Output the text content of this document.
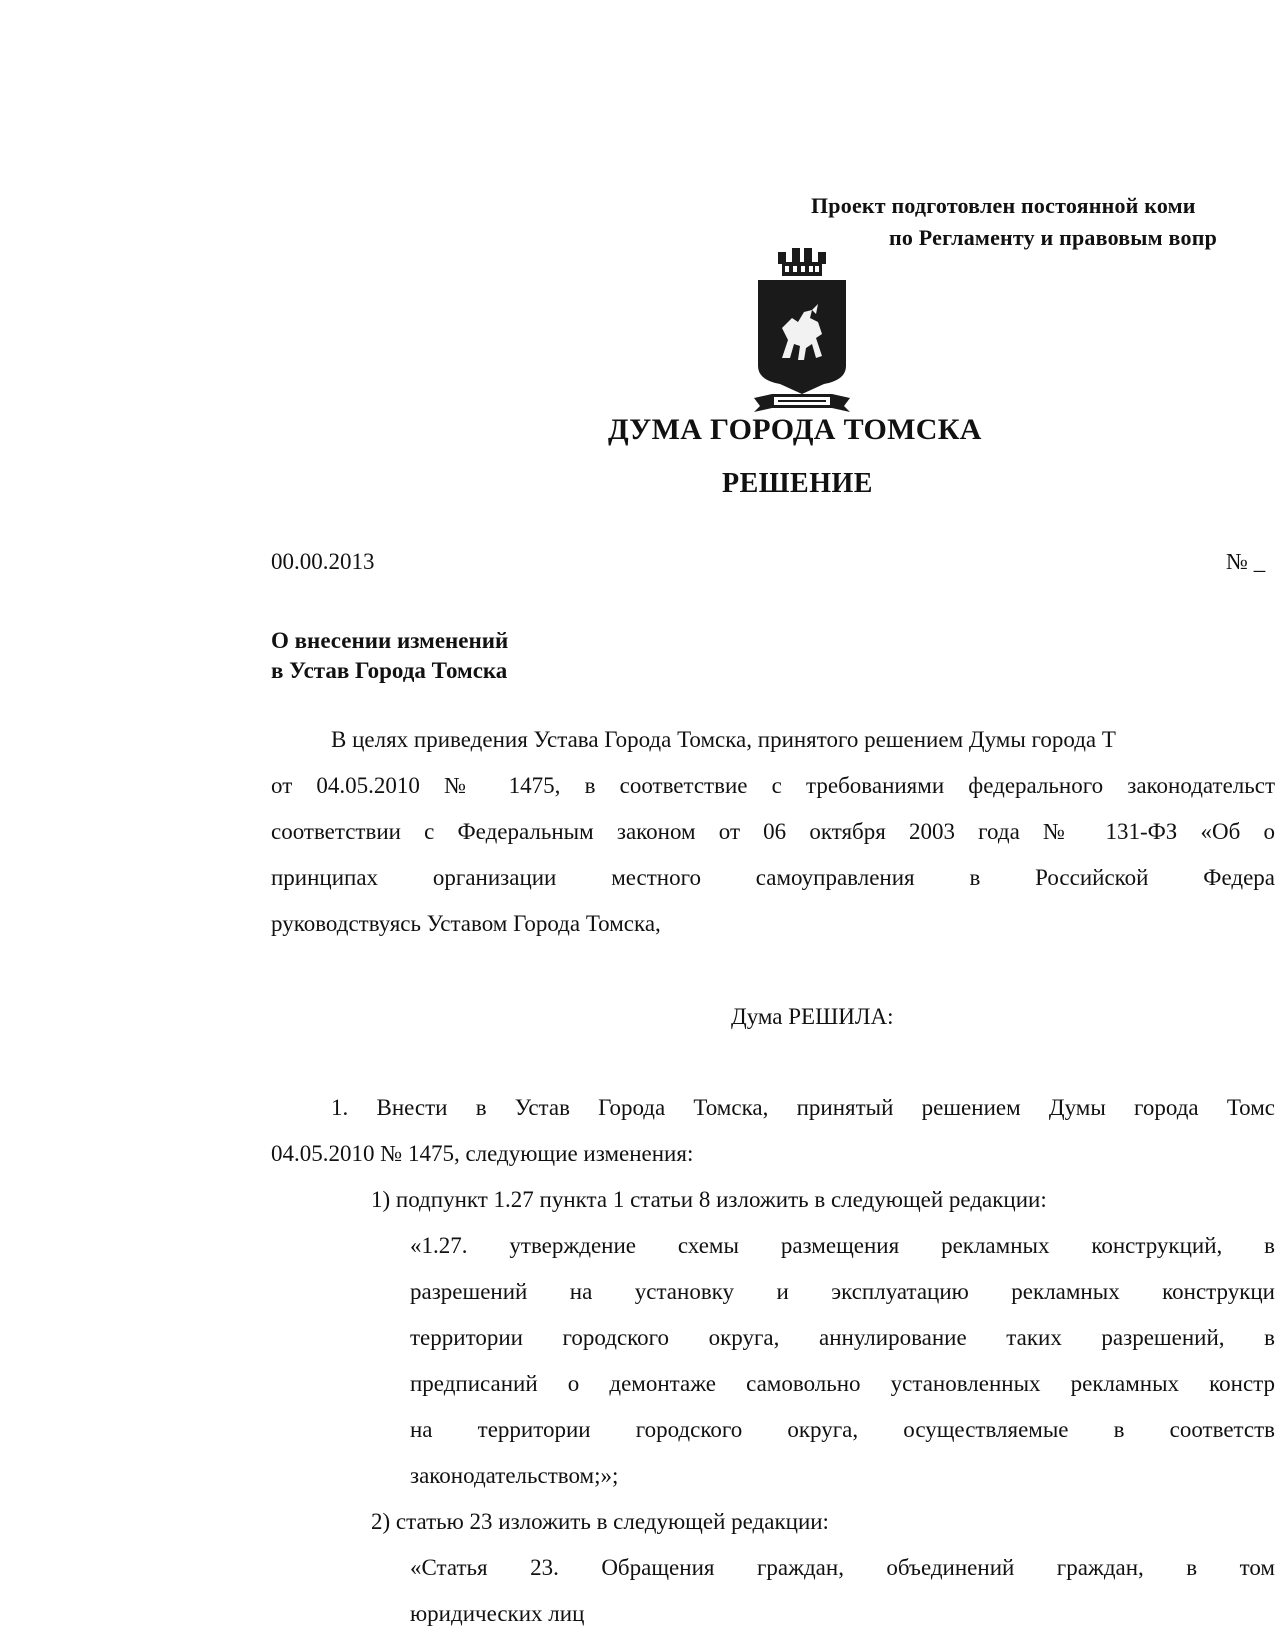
Проект подготовлен постоянной коми
по Регламенту и правовым вопр
ДУМА ГОРОДА ТОМСКА
РЕШЕНИЕ
00.00.2013	№ _
О внесении изменений
в Устав Города Томска
В целях приведения Устава Города Томска, принятого решением Думы города Т
от 04.05.2010 № 1475, в соответствие с требованиями федерального законодательст
соответствии с Федеральным законом от 06 октября 2003 года № 131-ФЗ «Об о
принципах организации местного самоуправления в Российской Федера
руководствуясь Уставом Города Томска,
Дума РЕШИЛА:
1. Внести в Устав Города Томска, принятый решением Думы города Томс
04.05.2010 № 1475, следующие изменения:
1) подпункт 1.27 пункта 1 статьи 8 изложить в следующей редакции:
«1.27. утверждение схемы размещения рекламных конструкций, в
разрешений на установку и эксплуатацию рекламных конструкци
территории городского округа, аннулирование таких разрешений, в
предписаний о демонтаже самовольно установленных рекламных констр
на территории городского округа, осуществляемые в соответств
законодательством;»;
2) статью 23 изложить в следующей редакции:
«Статья 23. Обращения граждан, объединений граждан, в том
юридических лиц
